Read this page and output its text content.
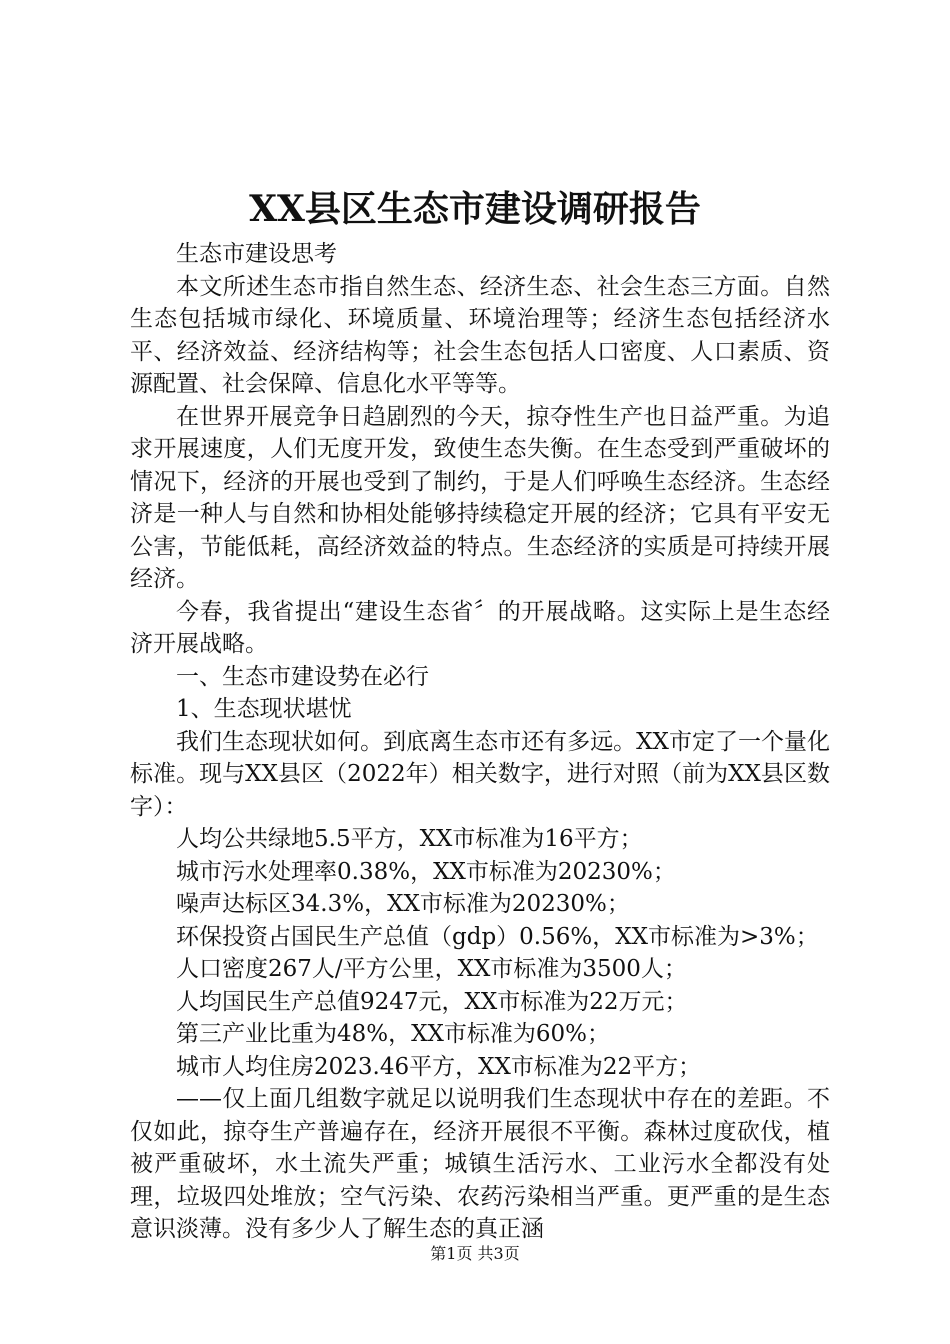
XX县区生态市建设调研报告

生态市建设思考

本文所述生态市指自然生态、经济生态、社会生态三方面。自然生态包括城市绿化、环境质量、环境治理等；经济生态包括经济水平、经济效益、经济结构等；社会生态包括人口密度、人口素质、资源配置、社会保障、信息化水平等等。

在世界开展竞争日趋剧烈的今天，掠夺性生产也日益严重。为追求开展速度，人们无度开发，致使生态失衡。在生态受到严重破坏的情况下，经济的开展也受到了制约，于是人们呼唤生态经济。生态经济是一种人与自然和协相处能够持续稳定开展的经济；它具有平安无公害，节能低耗，高经济效益的特点。生态经济的实质是可持续开展经济。

今春，我省提出“建设生态省〞的开展战略。这实际上是生态经济开展战略。

一、生态市建设势在必行

1、生态现状堪忧

我们生态现状如何。到底离生态市还有多远。XX市定了一个量化标准。现与XX县区（2022年）相关数字，进行对照（前为XX县区数字）：

人均公共绿地5.5平方，XX市标准为16平方；

城市污水处理率0.38%，XX市标准为20230%；

噪声达标区34.3%，XX市标准为20230%；

环保投资占国民生产总值（gdp）0.56%，XX市标准为>3%；

人口密度267人/平方公里，XX市标准为3500人；

人均国民生产总值9247元，XX市标准为22万元；

第三产业比重为48%，XX市标准为60%；

城市人均住房2023.46平方，XX市标准为22平方；

——仅上面几组数字就足以说明我们生态现状中存在的差距。不仅如此，掠夺生产普遍存在，经济开展很不平衡。森林过度砍伐，植被严重破坏，水土流失严重；城镇生活污水、工业污水全都没有处理，垃圾四处堆放；空气污染、农药污染相当严重。更严重的是生态意识淡薄。没有多少人了解生态的真正涵

第1页 共3页
